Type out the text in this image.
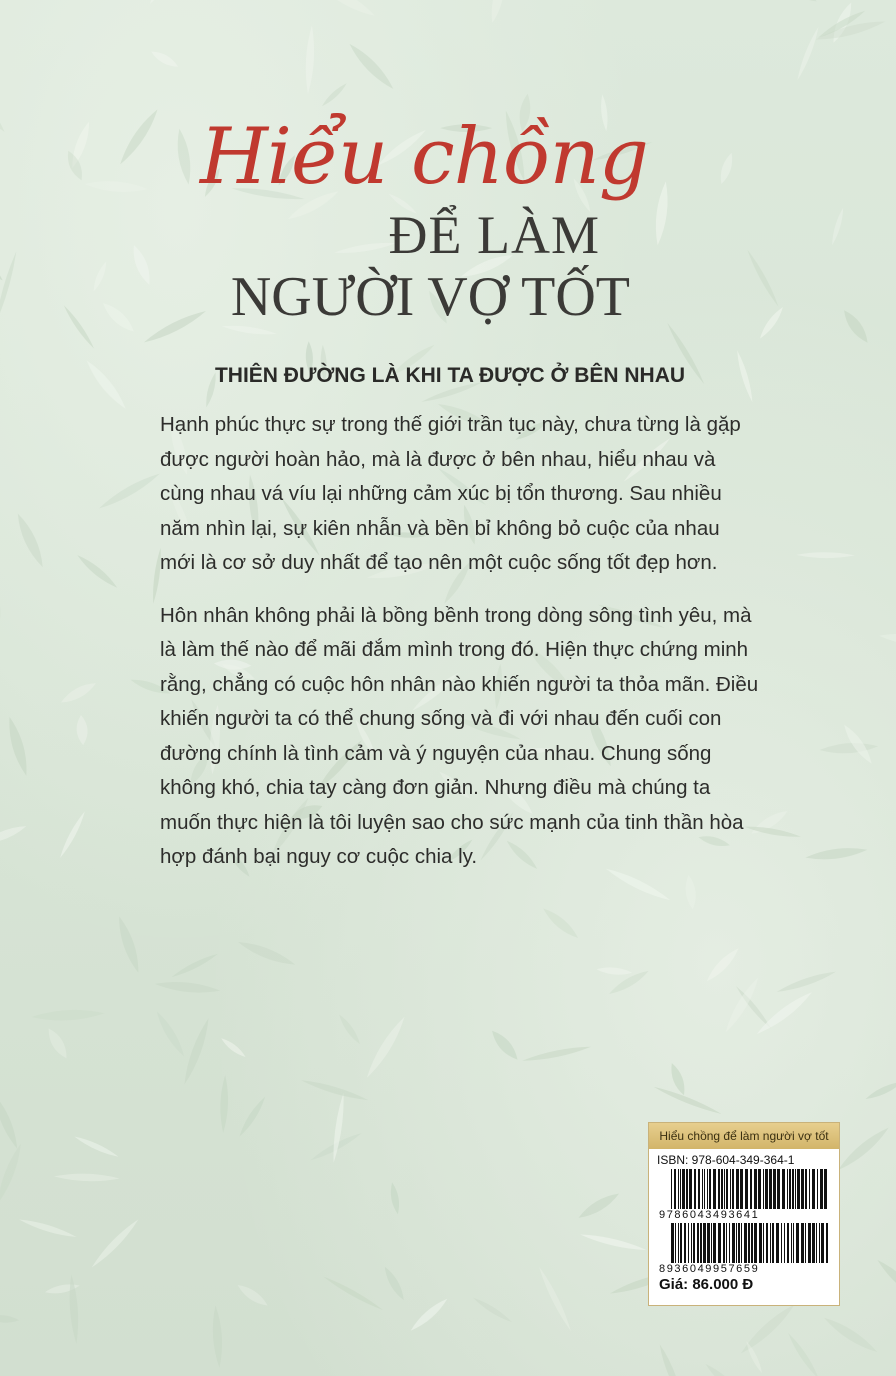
Hiểu chồng
ĐỂ LÀM
NGƯỜI VỢ TỐT
THIÊN ĐƯỜNG LÀ KHI TA ĐƯỢC Ở BÊN NHAU

Hạnh phúc thực sự trong thế giới trần tục này, chưa từng là gặp được người hoàn hảo, mà là được ở bên nhau, hiểu nhau và cùng nhau vá víu lại những cảm xúc bị tổn thương. Sau nhiều năm nhìn lại, sự kiên nhẫn và bền bỉ không bỏ cuộc của nhau mới là cơ sở duy nhất để tạo nên một cuộc sống tốt đẹp hơn.

Hôn nhân không phải là bồng bềnh trong dòng sông tình yêu, mà là làm thế nào để mãi đắm mình trong đó. Hiện thực chứng minh rằng, chẳng có cuộc hôn nhân nào khiến người ta thỏa mãn. Điều khiến người ta có thể chung sống và đi với nhau đến cuối con đường chính là tình cảm và ý nguyện của nhau. Chung sống không khó, chia tay càng đơn giản. Nhưng điều mà chúng ta muốn thực hiện là tôi luyện sao cho sức mạnh của tinh thần hòa hợp đánh bại nguy cơ cuộc chia ly.

Hiểu chồng để làm người vợ tốt
ISBN: 978-604-349-364-1
9786043493641
8936049957659
Giá: 86.000 Đ
